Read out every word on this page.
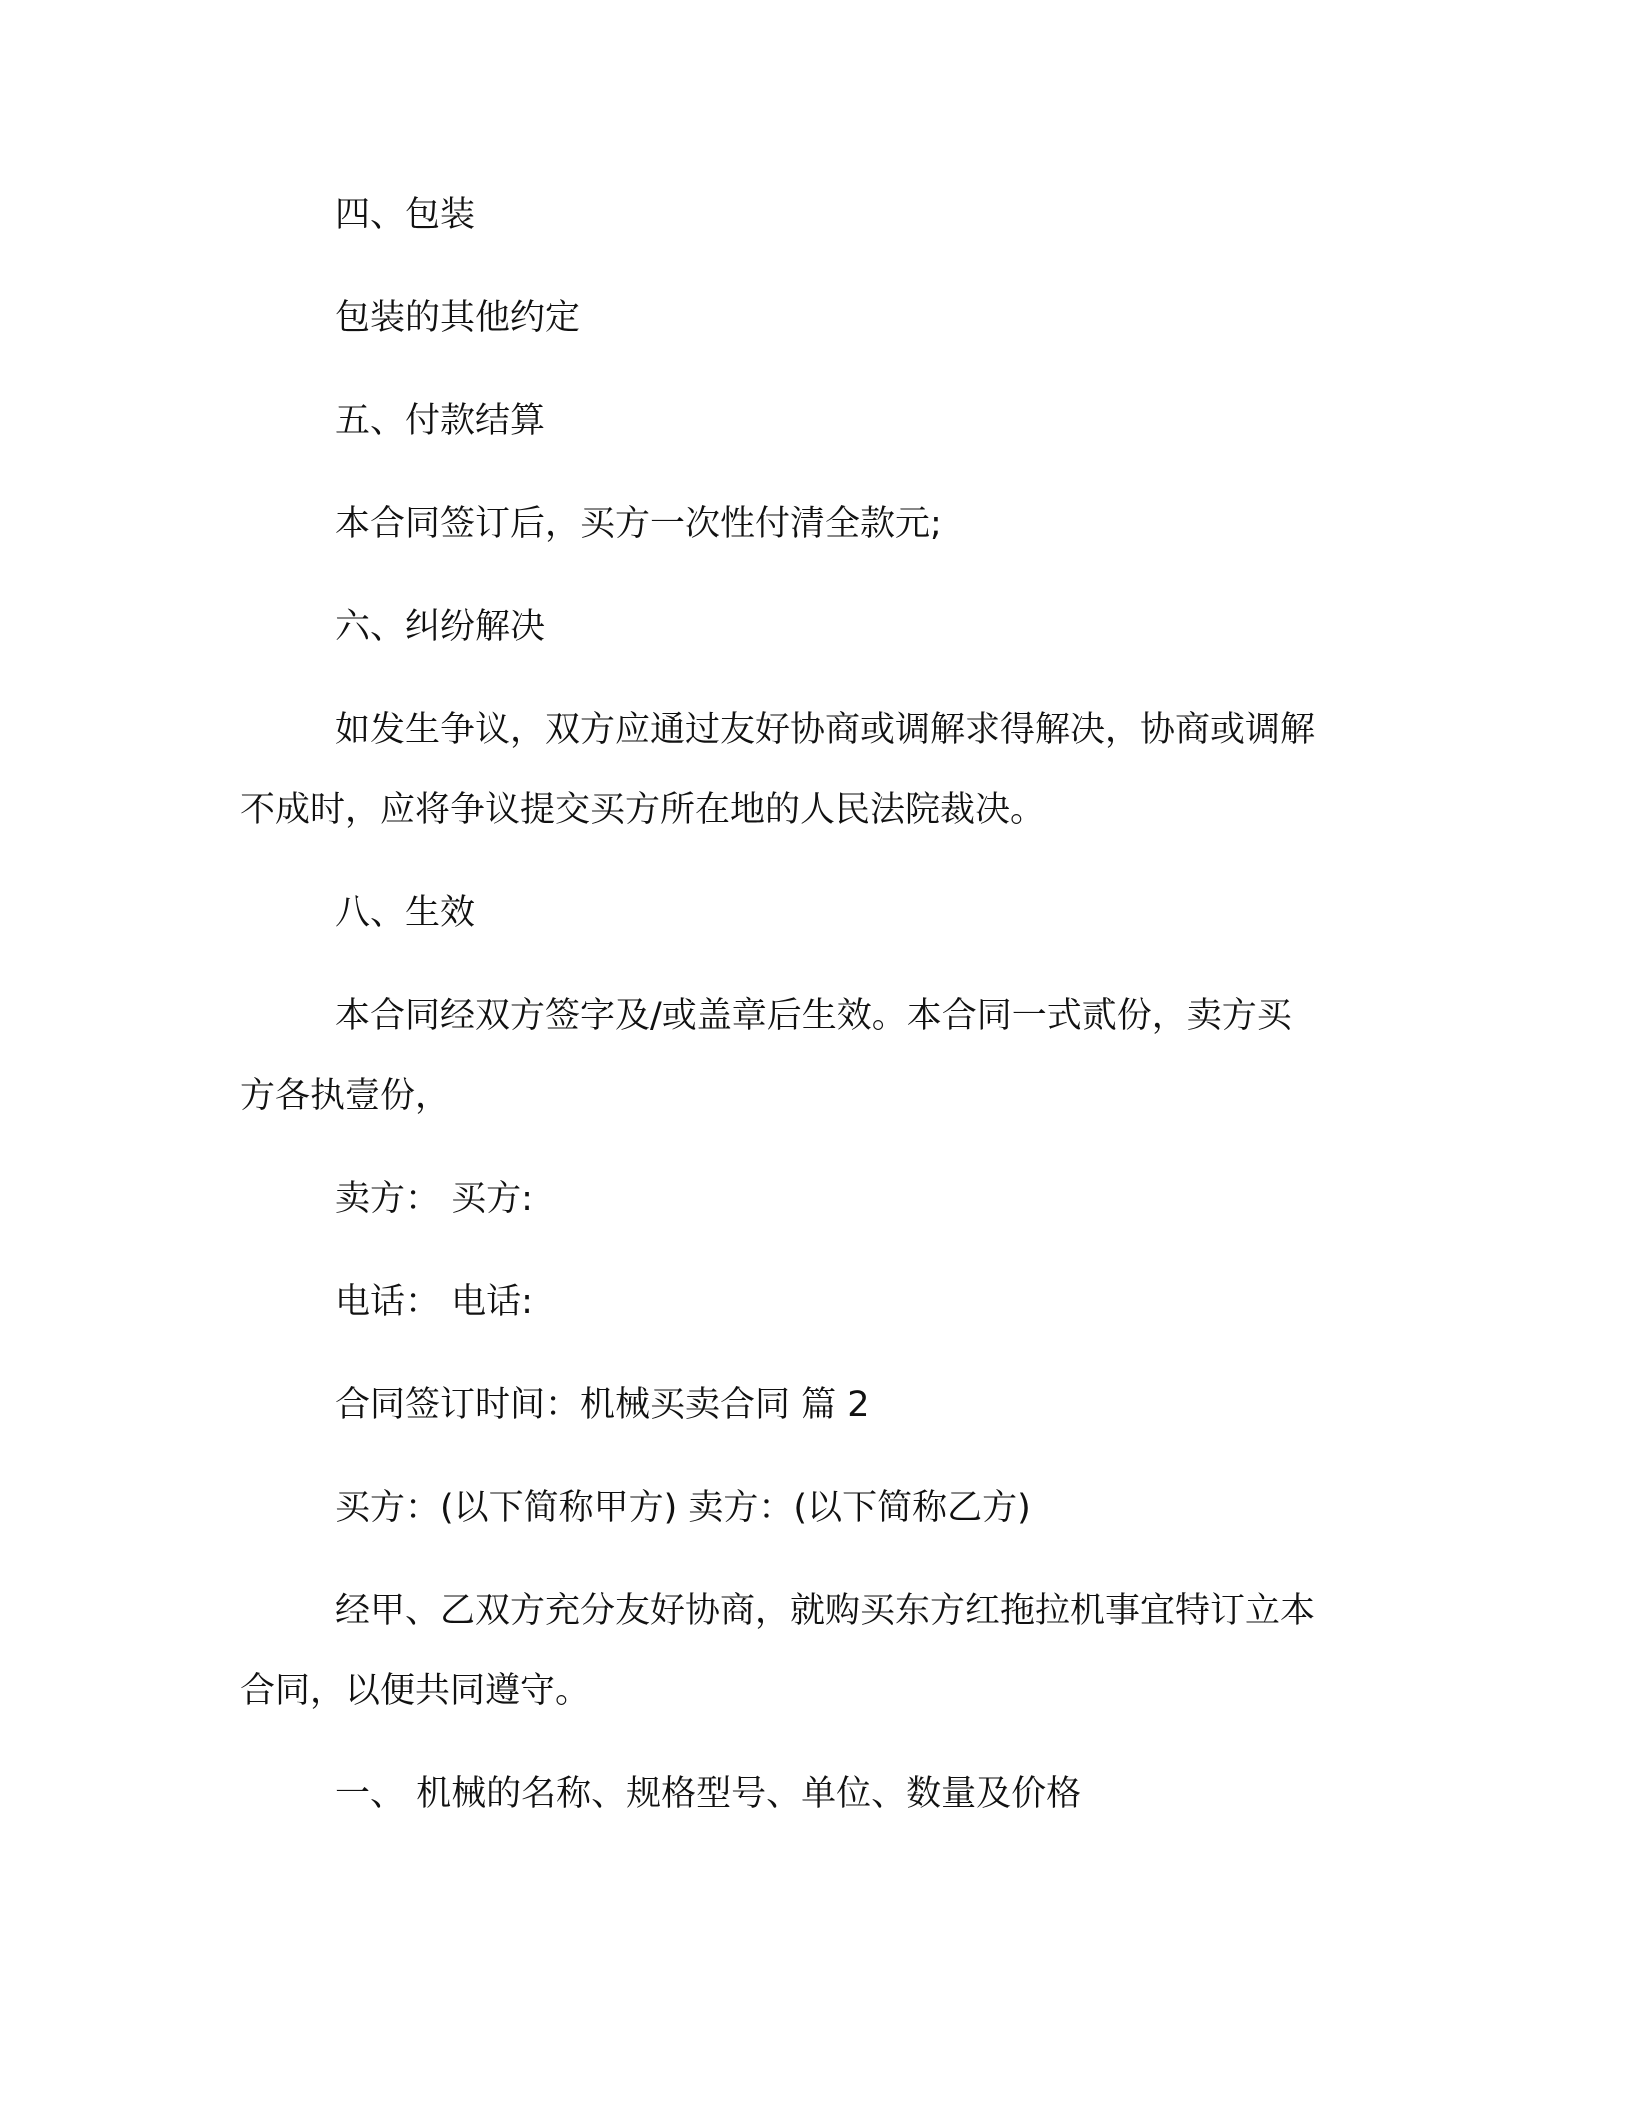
四、包装

包装的其他约定

五、付款结算

本合同签订后，买方一次性付清全款元;

六、纠纷解决

如发生争议，双方应通过友好协商或调解求得解决，协商或调解

不成时，应将争议提交买方所在地的人民法院裁决。

八、生效

本合同经双方签字及/或盖章后生效。本合同一式贰份，卖方买

方各执壹份，

卖方： 买方:

电话： 电话:

合同签订时间：机械买卖合同 篇 2

买方：(以下简称甲方) 卖方：(以下简称乙方)

经甲、乙双方充分友好协商，就购买东方红拖拉机事宜特订立本

合同，以便共同遵守。

一、 机械的名称、规格型号、单位、数量及价格
